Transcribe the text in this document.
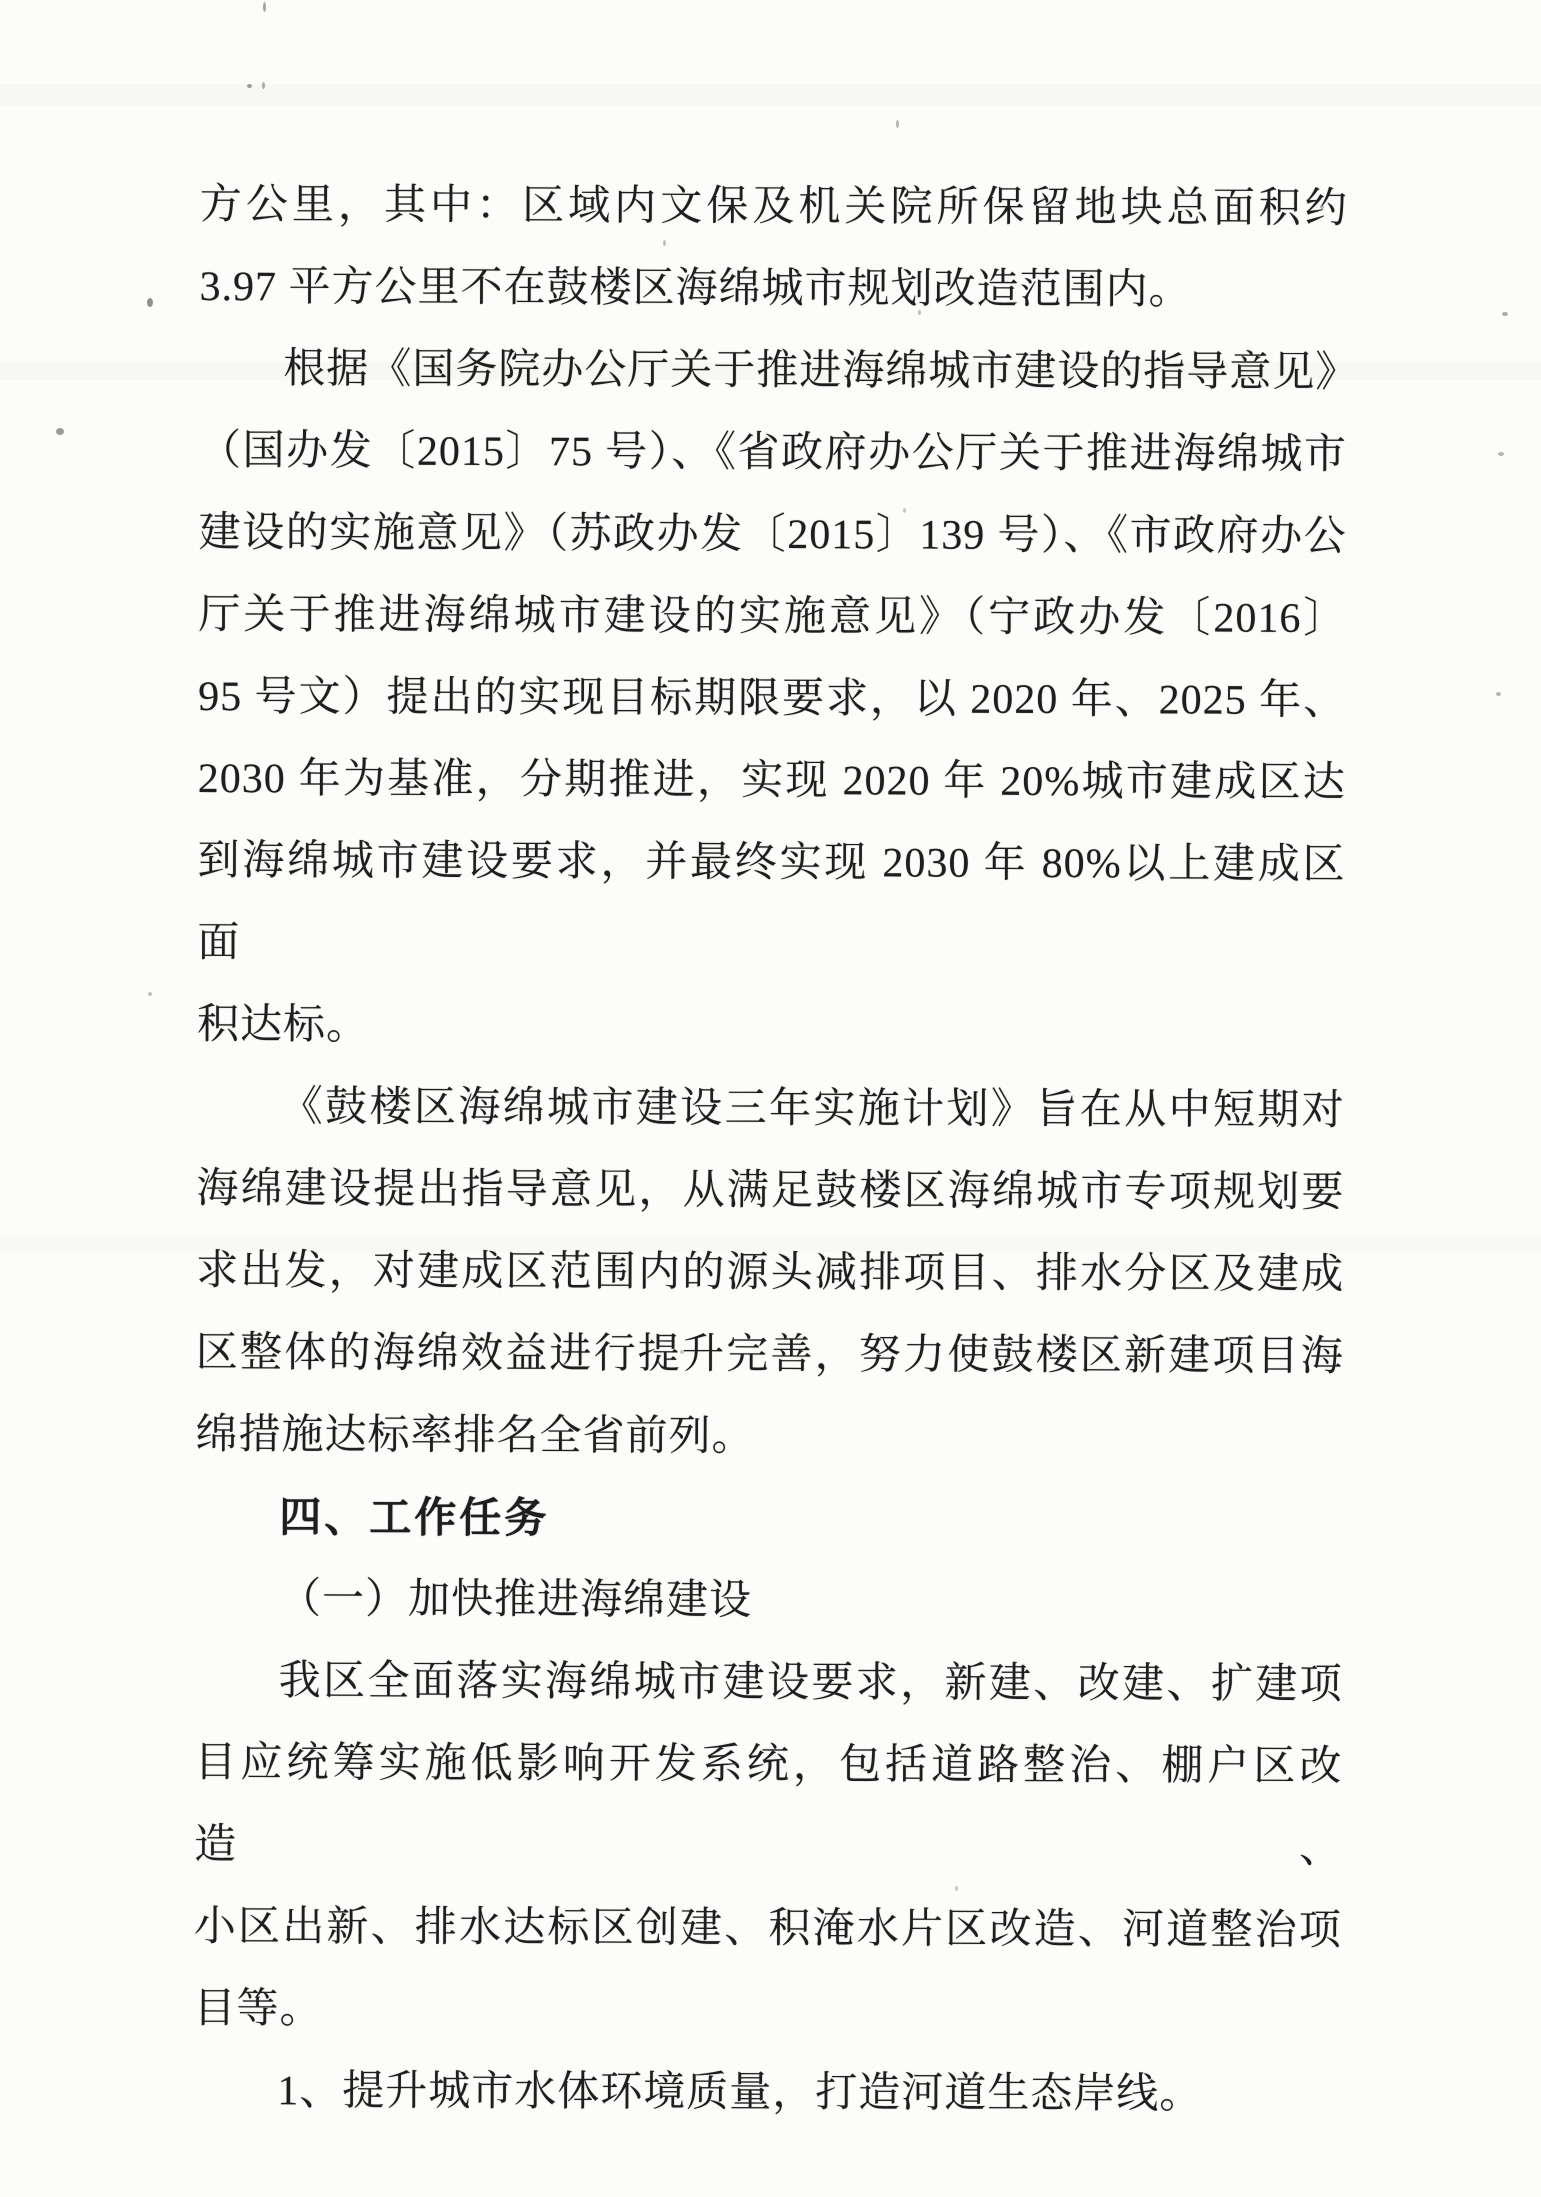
方公里，其中：区域内文保及机关院所保留地块总面积约
3.97 平方公里不在鼓楼区海绵城市规划改造范围内。
根据《国务院办公厅关于推进海绵城市建设的指导意见》
（国办发〔2015〕75 号）、《省政府办公厅关于推进海绵城市
建设的实施意见》（苏政办发〔2015〕139 号）、《市政府办公
厅关于推进海绵城市建设的实施意见》（宁政办发〔2016〕
95 号文）提出的实现目标期限要求，以 2020 年、2025 年、
2030 年为基准，分期推进，实现 2020 年 20%城市建成区达
到海绵城市建设要求，并最终实现 2030 年 80%以上建成区面
积达标。
《鼓楼区海绵城市建设三年实施计划》旨在从中短期对
海绵建设提出指导意见，从满足鼓楼区海绵城市专项规划要
求出发，对建成区范围内的源头减排项目、排水分区及建成
区整体的海绵效益进行提升完善，努力使鼓楼区新建项目海
绵措施达标率排名全省前列。
四、工作任务
（一）加快推进海绵建设
我区全面落实海绵城市建设要求，新建、改建、扩建项
目应统筹实施低影响开发系统，包括道路整治、棚户区改造、
小区出新、排水达标区创建、积淹水片区改造、河道整治项
目等。
1、提升城市水体环境质量，打造河道生态岸线。
